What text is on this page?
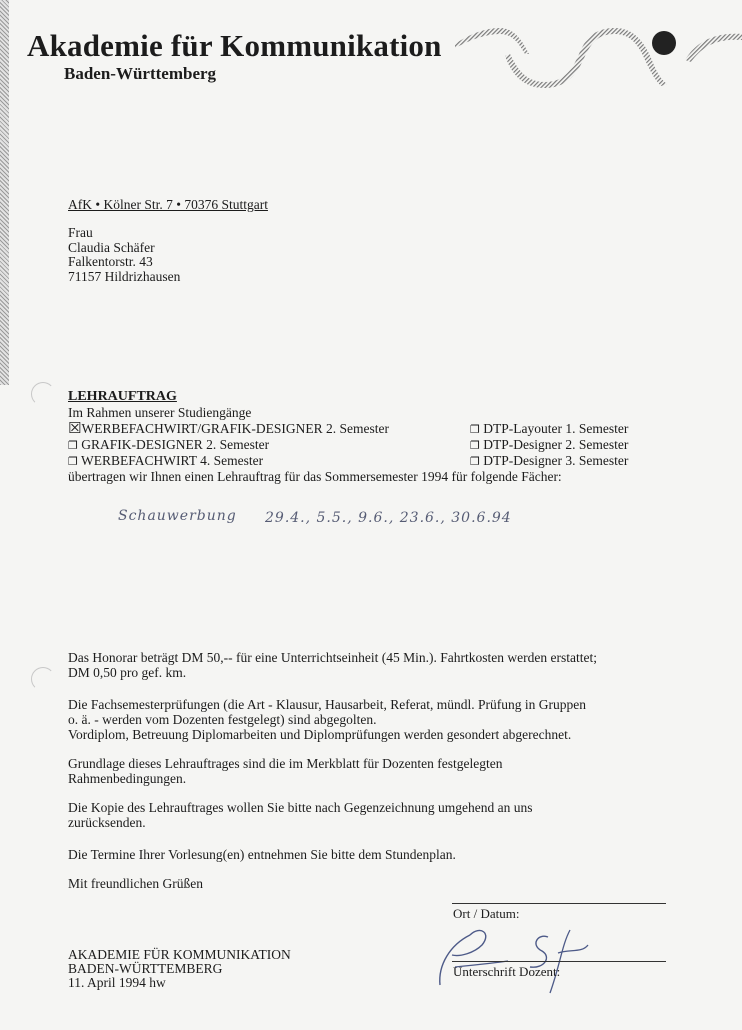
Akademie für Kommunikation
Baden-Württemberg
AfK • Kölner Str. 7 • 70376 Stuttgart
Frau
Claudia Schäfer
Falkentorstr. 43
71157 Hildrizhausen
LEHRAUFTRAG
Im Rahmen unserer Studiengänge
☒WERBEFACHWIRT/GRAFIK-DESIGNER 2. Semester
❐ GRAFIK-DESIGNER 2. Semester
❐ WERBEFACHWIRT 4. Semester
❐ DTP-Layouter 1. Semester
❐ DTP-Designer 2. Semester
❐ DTP-Designer 3. Semester
übertragen wir Ihnen einen Lehrauftrag für das Sommersemester 1994 für folgende Fächer:
Schauwerbung 29.4., 5.5., 9.6., 23.6., 30.6.94
Das Honorar beträgt DM 50,-- für eine Unterrichtseinheit (45 Min.). Fahrtkosten werden erstattet;
DM 0,50 pro gef. km.
Die Fachsemesterprüfungen (die Art - Klausur, Hausarbeit, Referat, mündl. Prüfung in Gruppen
o. ä. - werden vom Dozenten festgelegt) sind abgegolten.
Vordiplom, Betreuung Diplomarbeiten und Diplomprüfungen werden gesondert abgerechnet.
Grundlage dieses Lehrauftrages sind die im Merkblatt für Dozenten festgelegten
Rahmenbedingungen.
Die Kopie des Lehrauftrages wollen Sie bitte nach Gegenzeichnung umgehend an uns
zurücksenden.
Die Termine Ihrer Vorlesung(en) entnehmen Sie bitte dem Stundenplan.
Mit freundlichen Grüßen
Ort / Datum:
Unterschrift Dozent:
AKADEMIE FÜR KOMMUNIKATION
BADEN-WÜRTTEMBERG
11. April 1994 hw
